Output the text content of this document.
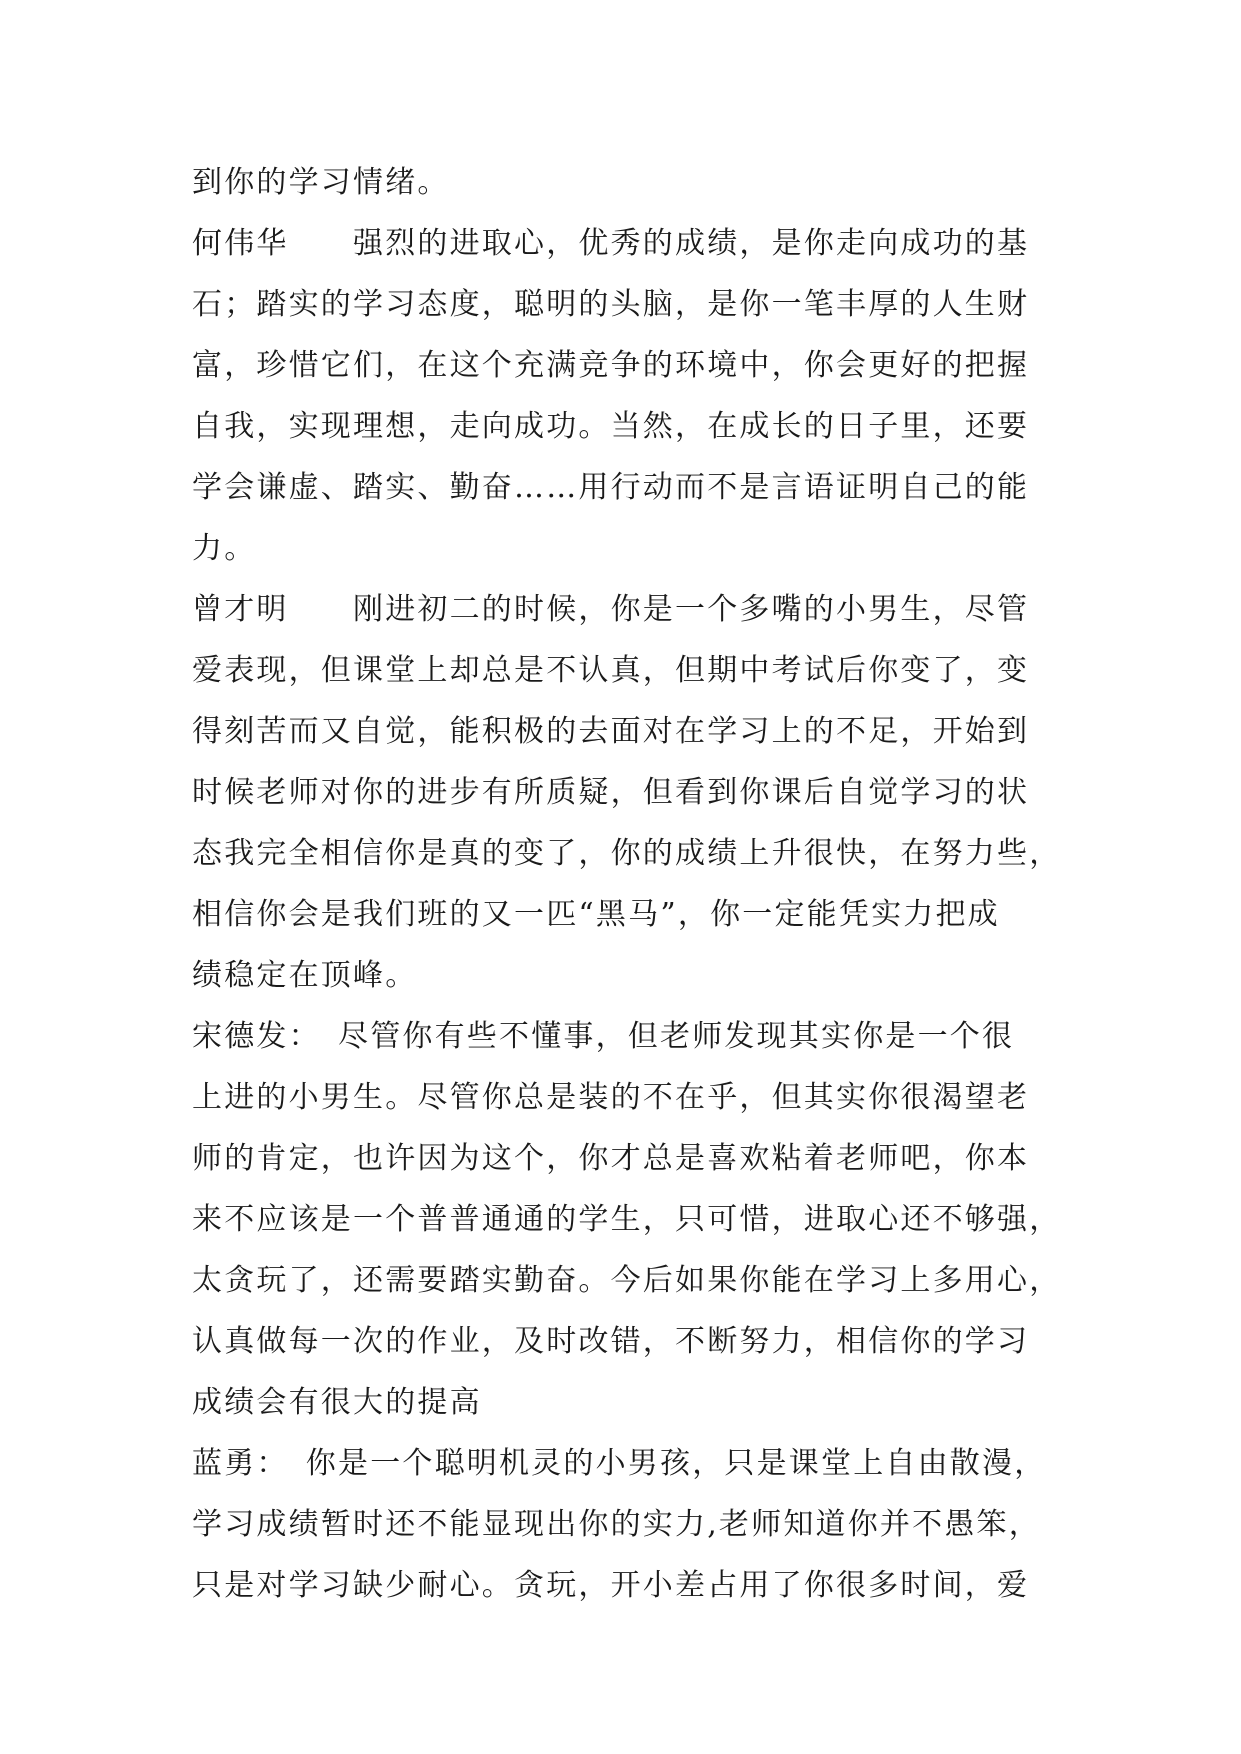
到你的学习情绪。
何伟华　　强烈的进取心，优秀的成绩，是你走向成功的基
石；踏实的学习态度，聪明的头脑，是你一笔丰厚的人生财
富，珍惜它们，在这个充满竞争的环境中，你会更好的把握
自我，实现理想，走向成功。当然，在成长的日子里，还要
学会谦虚、踏实、勤奋……用行动而不是言语证明自己的能
力。
曾才明　　刚进初二的时候，你是一个多嘴的小男生，尽管
爱表现，但课堂上却总是不认真，但期中考试后你变了，变
得刻苦而又自觉，能积极的去面对在学习上的不足，开始到
时候老师对你的进步有所质疑，但看到你课后自觉学习的状
态我完全相信你是真的变了，你的成绩上升很快，在努力些，
相信你会是我们班的又一匹“黑马”，你一定能凭实力把成
绩稳定在顶峰。
宋德发：　尽管你有些不懂事，但老师发现其实你是一个很
上进的小男生。尽管你总是装的不在乎，但其实你很渴望老
师的肯定，也许因为这个，你才总是喜欢粘着老师吧，你本
来不应该是一个普普通通的学生，只可惜，进取心还不够强，
太贪玩了，还需要踏实勤奋。今后如果你能在学习上多用心，
认真做每一次的作业，及时改错，不断努力，相信你的学习
成绩会有很大的提高
蓝勇：　你是一个聪明机灵的小男孩，只是课堂上自由散漫，
学习成绩暂时还不能显现出你的实力,老师知道你并不愚笨，
只是对学习缺少耐心。贪玩，开小差占用了你很多时间，爱
